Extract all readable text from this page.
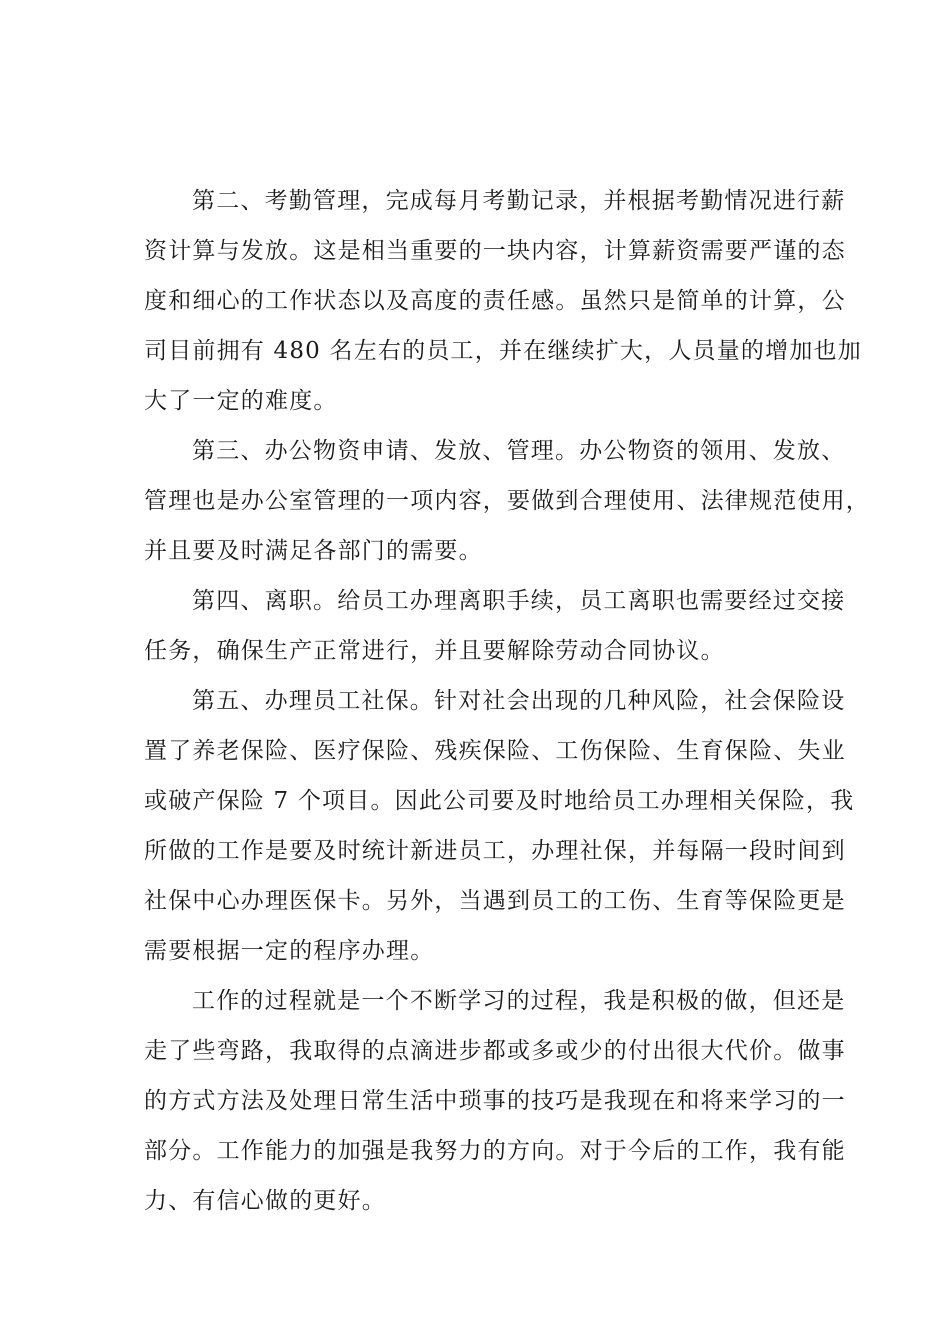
第二、考勤管理，完成每月考勤记录，并根据考勤情况进行薪
资计算与发放。这是相当重要的一块内容，计算薪资需要严谨的态
度和细心的工作状态以及高度的责任感。虽然只是简单的计算，公
司目前拥有 480 名左右的员工，并在继续扩大，人员量的增加也加
大了一定的难度。

第三、办公物资申请、发放、管理。办公物资的领用、发放、
管理也是办公室管理的一项内容，要做到合理使用、法律规范使用，
并且要及时满足各部门的需要。

第四、离职。给员工办理离职手续，员工离职也需要经过交接
任务，确保生产正常进行，并且要解除劳动合同协议。

第五、办理员工社保。针对社会出现的几种风险，社会保险设
置了养老保险、医疗保险、残疾保险、工伤保险、生育保险、失业
或破产保险 7 个项目。因此公司要及时地给员工办理相关保险，我
所做的工作是要及时统计新进员工，办理社保，并每隔一段时间到
社保中心办理医保卡。另外，当遇到员工的工伤、生育等保险更是
需要根据一定的程序办理。

工作的过程就是一个不断学习的过程，我是积极的做，但还是
走了些弯路，我取得的点滴进步都或多或少的付出很大代价。做事
的方式方法及处理日常生活中琐事的技巧是我现在和将来学习的一
部分。工作能力的加强是我努力的方向。对于今后的工作，我有能
力、有信心做的更好。
